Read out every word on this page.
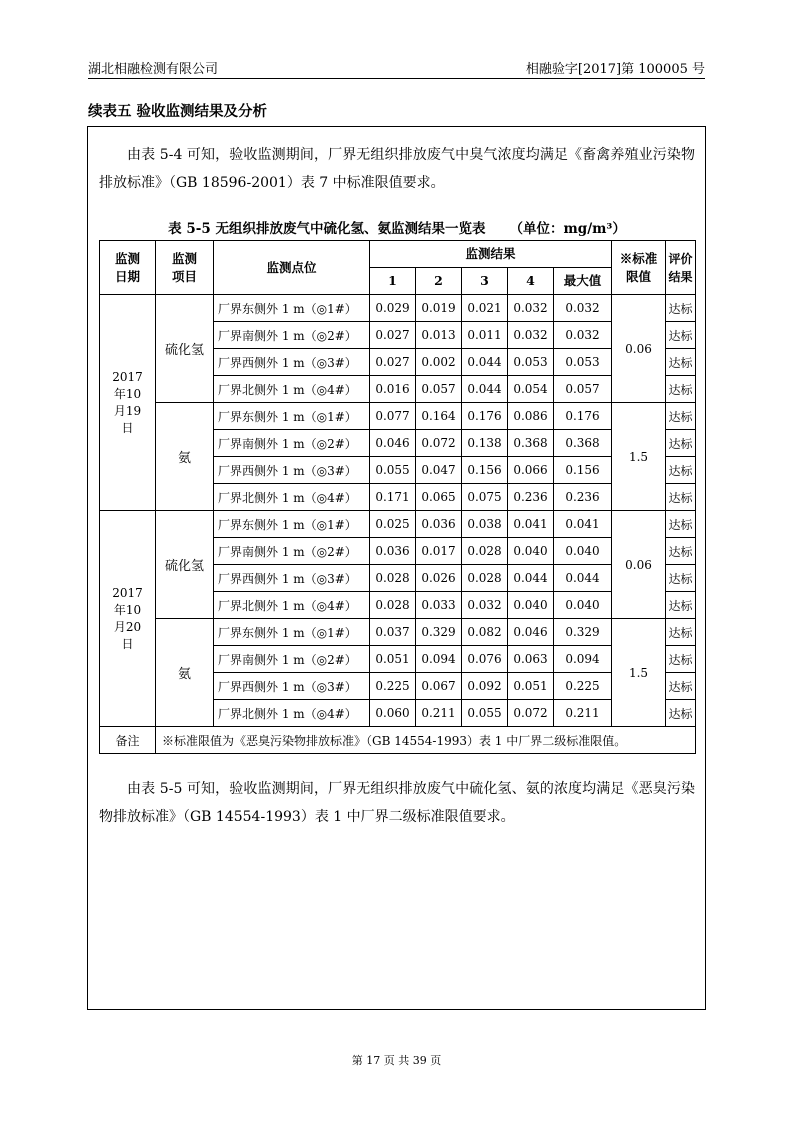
湖北相融检测有限公司	相融验字[2017]第 100005 号
续表五 验收监测结果及分析

由表 5-4 可知，验收监测期间，厂界无组织排放废气中臭气浓度均满足《畜禽养殖业污染物排放标准》（GB 18596-2001）表 7 中标准限值要求。

表 5-5 无组织排放废气中硫化氢、氨监测结果一览表 （单位：mg/m³）
监测日期	监测项目	监测点位	监测结果					※标准限值	评价结果
			1	2	3	4	最大值		
2017年10月19日	硫化氢	厂界东侧外 1 m（◎1#）	0.029	0.019	0.021	0.032	0.032	0.06	达标
		厂界南侧外 1 m（◎2#）	0.027	0.013	0.011	0.032	0.032		达标
		厂界西侧外 1 m（◎3#）	0.027	0.002	0.044	0.053	0.053		达标
		厂界北侧外 1 m（◎4#）	0.016	0.057	0.044	0.054	0.057		达标
	氨	厂界东侧外 1 m（◎1#）	0.077	0.164	0.176	0.086	0.176	1.5	达标
		厂界南侧外 1 m（◎2#）	0.046	0.072	0.138	0.368	0.368		达标
		厂界西侧外 1 m（◎3#）	0.055	0.047	0.156	0.066	0.156		达标
		厂界北侧外 1 m（◎4#）	0.171	0.065	0.075	0.236	0.236		达标
2017年10月20日	硫化氢	厂界东侧外 1 m（◎1#）	0.025	0.036	0.038	0.041	0.041	0.06	达标
		厂界南侧外 1 m（◎2#）	0.036	0.017	0.028	0.040	0.040		达标
		厂界西侧外 1 m（◎3#）	0.028	0.026	0.028	0.044	0.044		达标
		厂界北侧外 1 m（◎4#）	0.028	0.033	0.032	0.040	0.040		达标
	氨	厂界东侧外 1 m（◎1#）	0.037	0.329	0.082	0.046	0.329	1.5	达标
		厂界南侧外 1 m（◎2#）	0.051	0.094	0.076	0.063	0.094		达标
		厂界西侧外 1 m（◎3#）	0.225	0.067	0.092	0.051	0.225		达标
		厂界北侧外 1 m（◎4#）	0.060	0.211	0.055	0.072	0.211		达标
备注	※标准限值为《恶臭污染物排放标准》（GB 14554-1993）表 1 中厂界二级标准限值。								

由表 5-5 可知，验收监测期间，厂界无组织排放废气中硫化氢、氨的浓度均满足《恶臭污染物排放标准》（GB 14554-1993）表 1 中厂界二级标准限值要求。

第 17 页 共 39 页
